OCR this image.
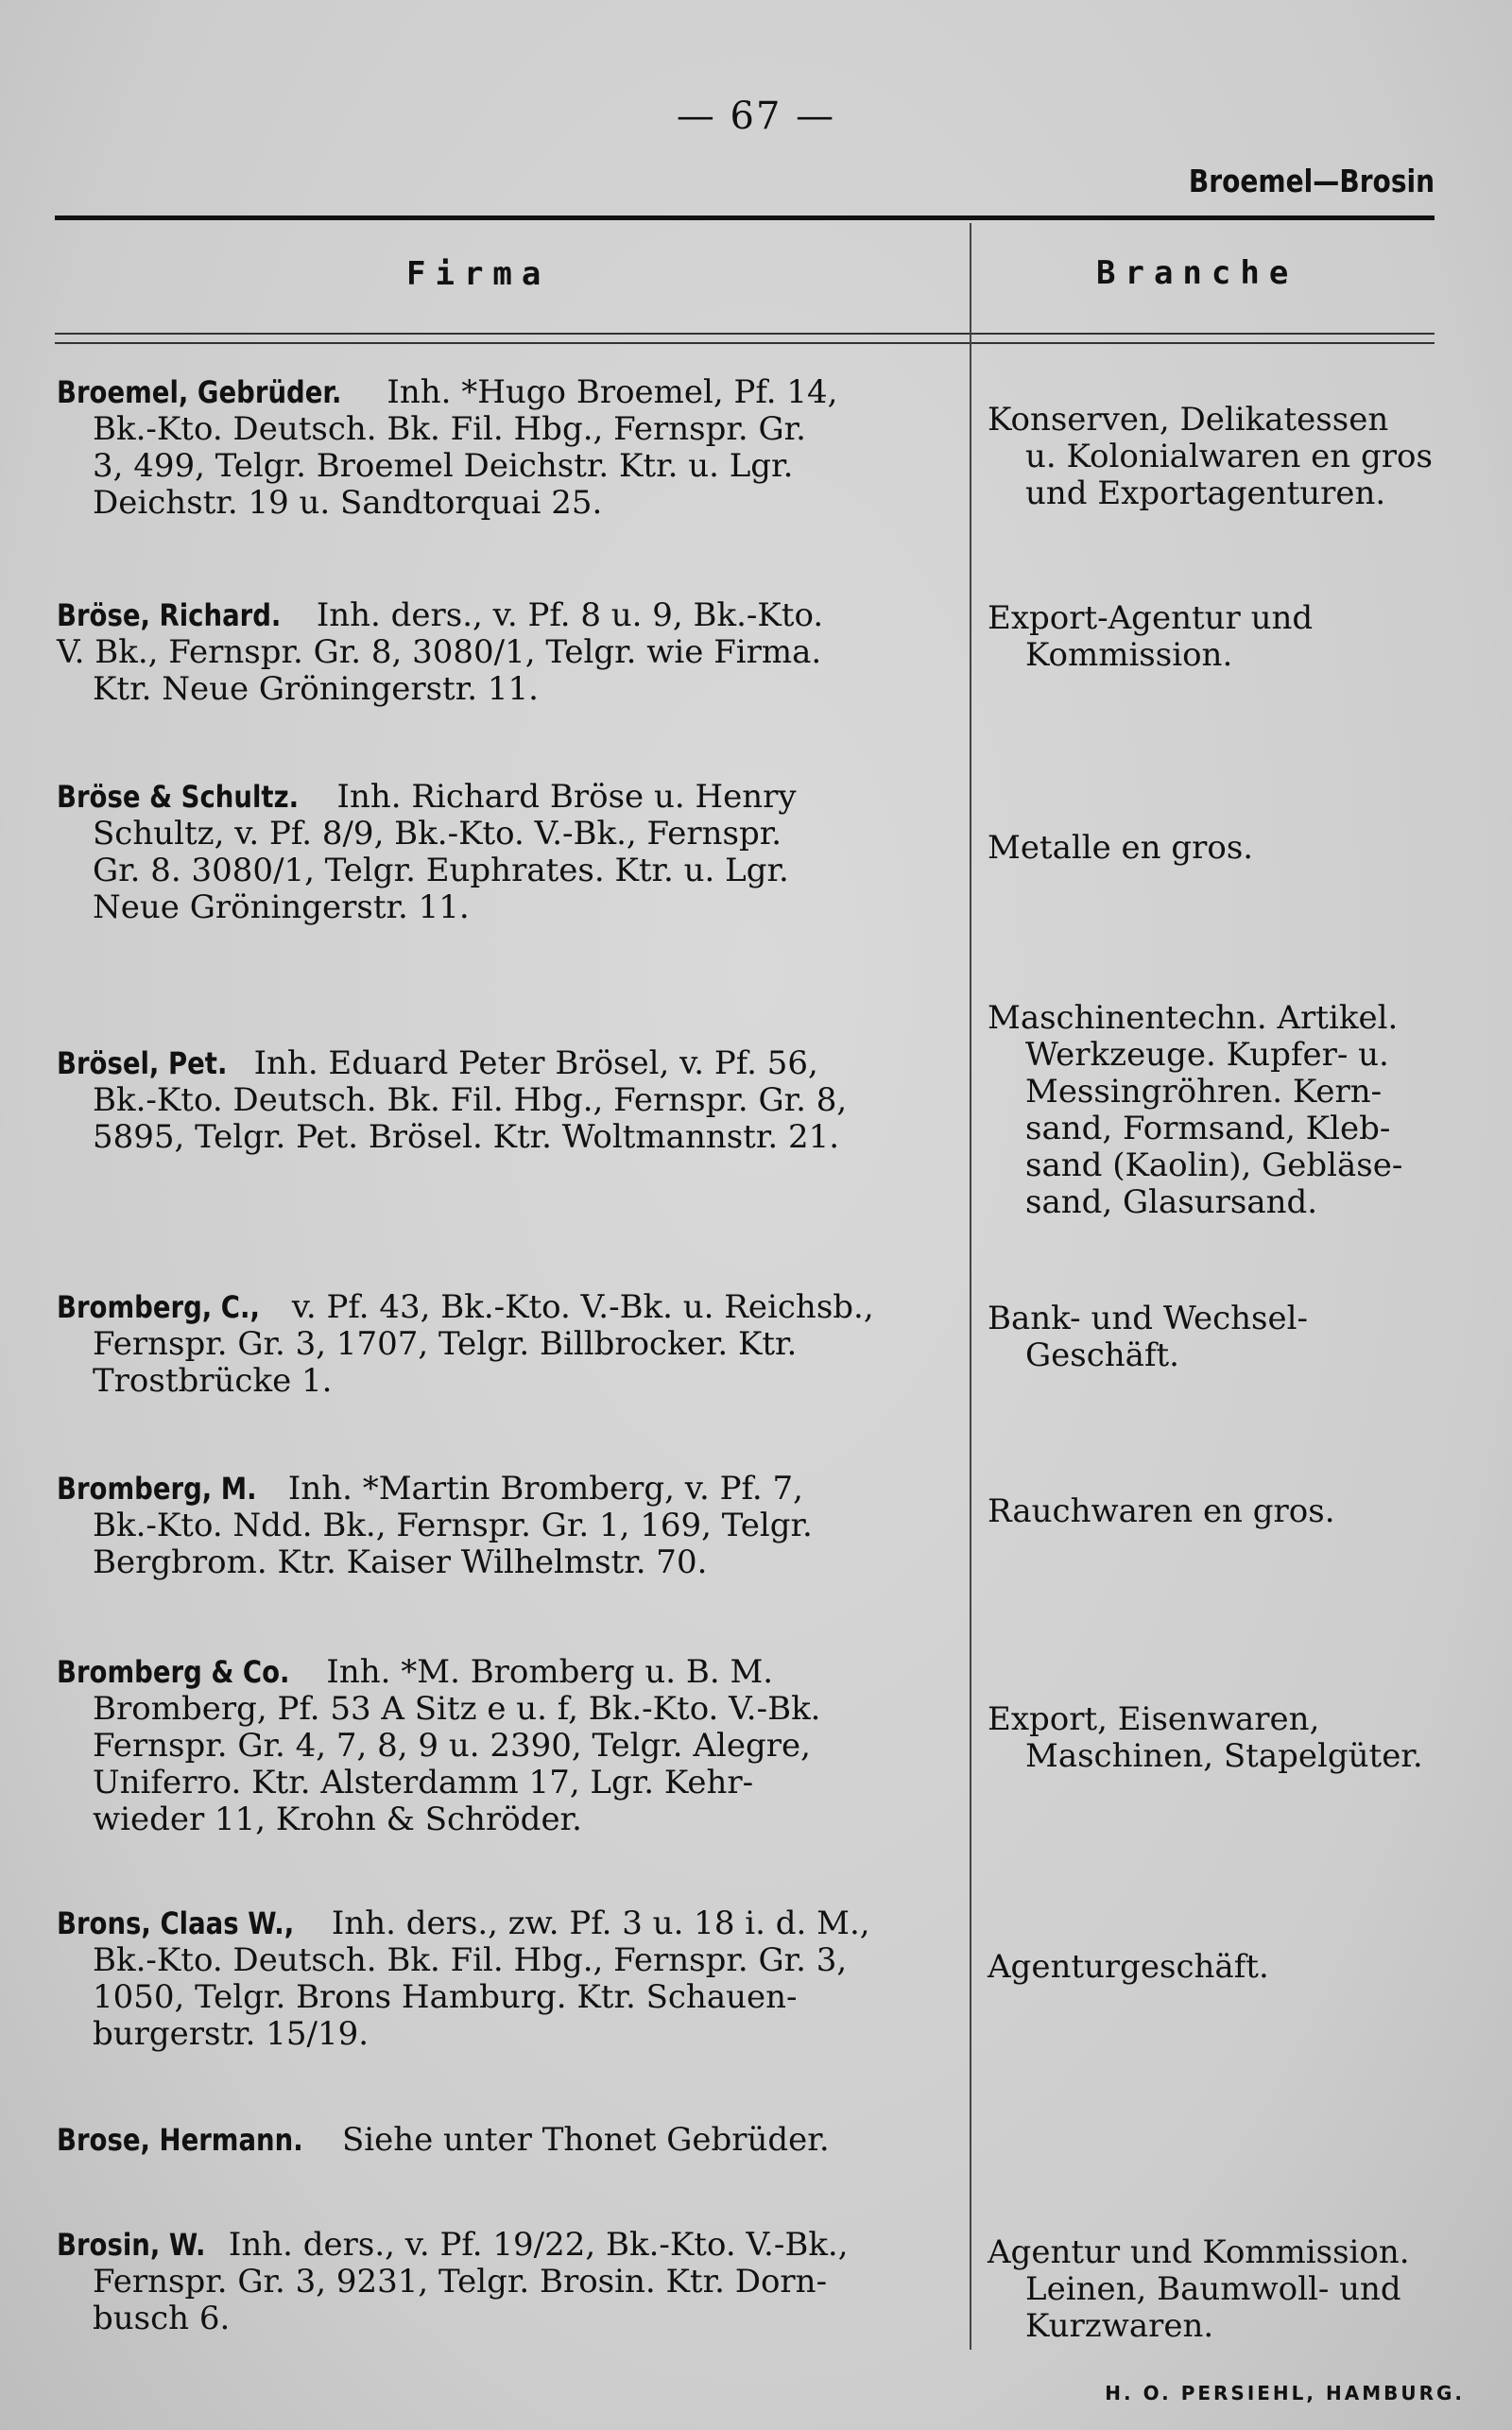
— 67 —
Broemel—Brosin
Firma	Branche
Broemel, Gebrüder. Inh. *Hugo Broemel, Pf. 14,
Bk.-Kto. Deutsch. Bk. Fil. Hbg., Fernspr. Gr.
3, 499, Telgr. Broemel Deichstr. Ktr. u. Lgr.
Deichstr. 19 u. Sandtorquai 25.
Konserven, Delikatessen
u. Kolonialwaren en gros
und Exportagenturen.
Bröse, Richard. Inh. ders., v. Pf. 8 u. 9, Bk.-Kto.
V. Bk., Fernspr. Gr. 8, 3080/1, Telgr. wie Firma.
Ktr. Neue Gröningerstr. 11.
Export-Agentur und
Kommission.
Bröse & Schultz. Inh. Richard Bröse u. Henry
Schultz, v. Pf. 8/9, Bk.-Kto. V.-Bk., Fernspr.
Gr. 8. 3080/1, Telgr. Euphrates. Ktr. u. Lgr.
Neue Gröningerstr. 11.
Metalle en gros.
Brösel, Pet. Inh. Eduard Peter Brösel, v. Pf. 56,
Bk.-Kto. Deutsch. Bk. Fil. Hbg., Fernspr. Gr. 8,
5895, Telgr. Pet. Brösel. Ktr. Woltmannstr. 21.
Maschinentechn. Artikel.
Werkzeuge. Kupfer- u.
Messingröhren. Kern-
sand, Formsand, Kleb-
sand (Kaolin), Gebläse-
sand, Glasursand.
Bromberg, C., v. Pf. 43, Bk.-Kto. V.-Bk. u. Reichsb.,
Fernspr. Gr. 3, 1707, Telgr. Billbrocker. Ktr.
Trostbrücke 1.
Bank- und Wechsel-
Geschäft.
Bromberg, M. Inh. *Martin Bromberg, v. Pf. 7,
Bk.-Kto. Ndd. Bk., Fernspr. Gr. 1, 169, Telgr.
Bergbrom. Ktr. Kaiser Wilhelmstr. 70.
Rauchwaren en gros.
Bromberg & Co. Inh. *M. Bromberg u. B. M.
Bromberg, Pf. 53 A Sitz e u. f, Bk.-Kto. V.-Bk.
Fernspr. Gr. 4, 7, 8, 9 u. 2390, Telgr. Alegre,
Uniferro. Ktr. Alsterdamm 17, Lgr. Kehr-
wieder 11, Krohn & Schröder.
Export, Eisenwaren,
Maschinen, Stapelgüter.
Brons, Claas W., Inh. ders., zw. Pf. 3 u. 18 i. d. M.,
Bk.-Kto. Deutsch. Bk. Fil. Hbg., Fernspr. Gr. 3,
1050, Telgr. Brons Hamburg. Ktr. Schauen-
burgerstr. 15/19.
Agenturgeschäft.
Brose, Hermann. Siehe unter Thonet Gebrüder.
Brosin, W. Inh. ders., v. Pf. 19/22, Bk.-Kto. V.-Bk.,
Fernspr. Gr. 3, 9231, Telgr. Brosin. Ktr. Dorn-
busch 6.
Agentur und Kommission.
Leinen, Baumwoll- und
Kurzwaren.
H. O. PERSIEHL, HAMBURG.
